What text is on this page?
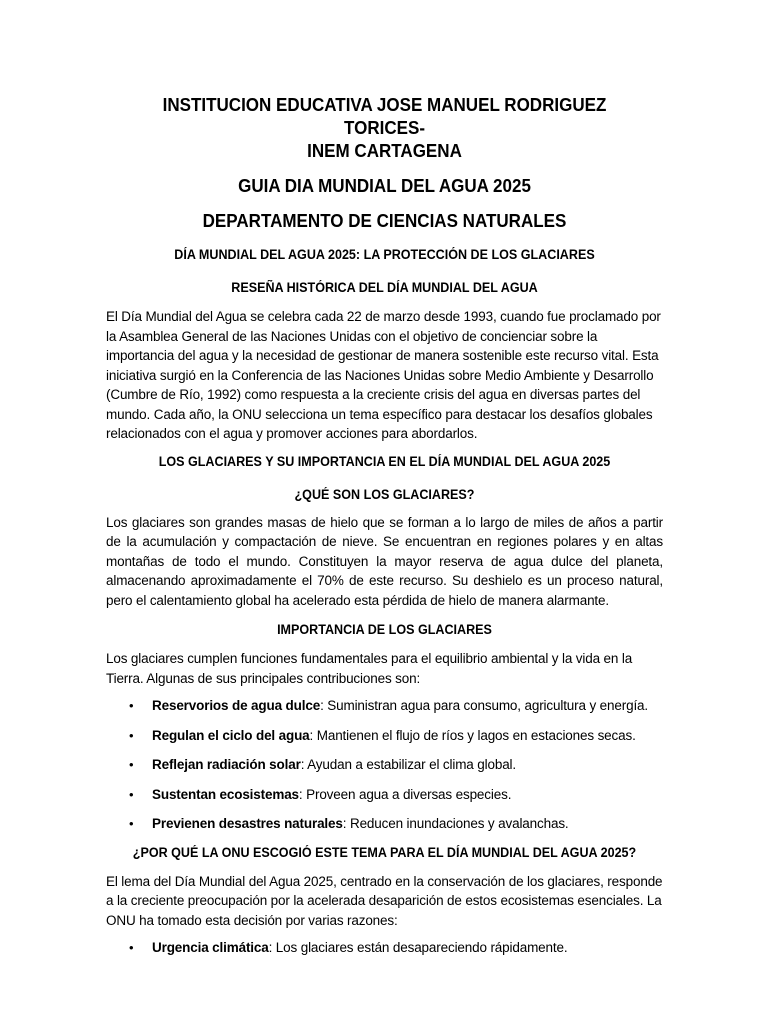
INSTITUCION EDUCATIVA JOSE MANUEL RODRIGUEZ TORICES-

INEM CARTAGENA

GUIA DIA MUNDIAL DEL AGUA 2025

DEPARTAMENTO DE CIENCIAS NATURALES

DÍA MUNDIAL DEL AGUA 2025: LA PROTECCIÓN DE LOS GLACIARES

RESEÑA HISTÓRICA DEL DÍA MUNDIAL DEL AGUA

El Día Mundial del Agua se celebra cada 22 de marzo desde 1993, cuando fue proclamado por la Asamblea General de las Naciones Unidas con el objetivo de concienciar sobre la importancia del agua y la necesidad de gestionar de manera sostenible este recurso vital. Esta iniciativa surgió en la Conferencia de las Naciones Unidas sobre Medio Ambiente y Desarrollo (Cumbre de Río, 1992) como respuesta a la creciente crisis del agua en diversas partes del mundo. Cada año, la ONU selecciona un tema específico para destacar los desafíos globales relacionados con el agua y promover acciones para abordarlos.

LOS GLACIARES Y SU IMPORTANCIA EN EL DÍA MUNDIAL DEL AGUA 2025

¿QUÉ SON LOS GLACIARES?

Los glaciares son grandes masas de hielo que se forman a lo largo de miles de años a partir de la acumulación y compactación de nieve. Se encuentran en regiones polares y en altas montañas de todo el mundo. Constituyen la mayor reserva de agua dulce del planeta, almacenando aproximadamente el 70% de este recurso. Su deshielo es un proceso natural, pero el calentamiento global ha acelerado esta pérdida de hielo de manera alarmante.

IMPORTANCIA DE LOS GLACIARES

Los glaciares cumplen funciones fundamentales para el equilibrio ambiental y la vida en la Tierra. Algunas de sus principales contribuciones son:

• Reservorios de agua dulce: Suministran agua para consumo, agricultura y energía.
• Regulan el ciclo del agua: Mantienen el flujo de ríos y lagos en estaciones secas.
• Reflejan radiación solar: Ayudan a estabilizar el clima global.
• Sustentan ecosistemas: Proveen agua a diversas especies.
• Previenen desastres naturales: Reducen inundaciones y avalanchas.

¿POR QUÉ LA ONU ESCOGIÓ ESTE TEMA PARA EL DÍA MUNDIAL DEL AGUA 2025?

El lema del Día Mundial del Agua 2025, centrado en la conservación de los glaciares, responde a la creciente preocupación por la acelerada desaparición de estos ecosistemas esenciales. La ONU ha tomado esta decisión por varias razones:

• Urgencia climática: Los glaciares están desapareciendo rápidamente.
